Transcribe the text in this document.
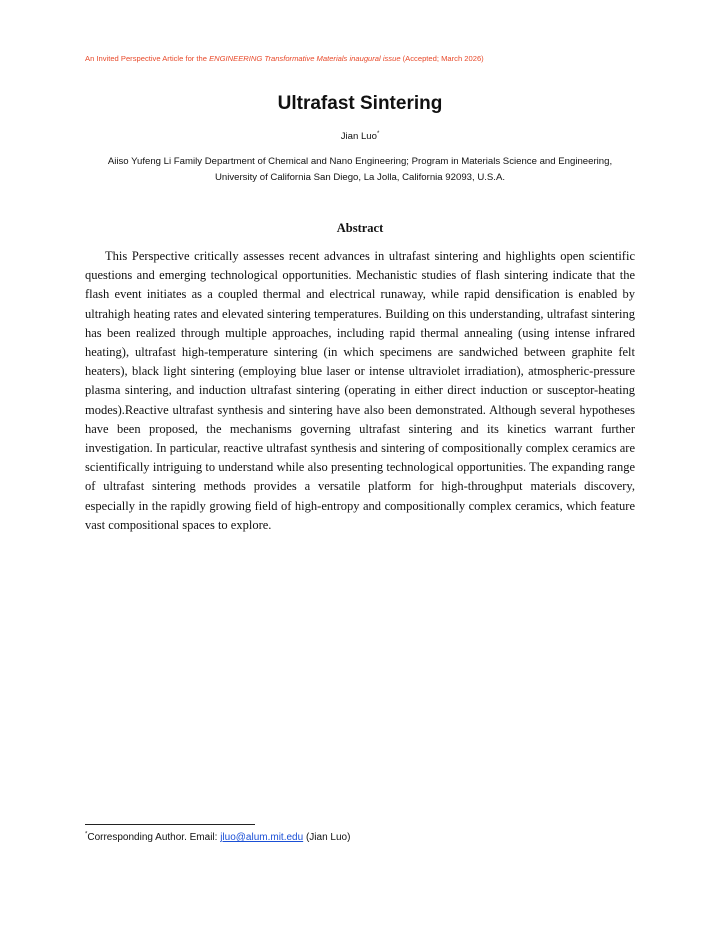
An Invited Perspective Article for the ENGINEERING Transformative Materials inaugural issue (Accepted; March 2026)
Ultrafast Sintering
Jian Luo*
Aiiso Yufeng Li Family Department of Chemical and Nano Engineering; Program in Materials Science and Engineering, University of California San Diego, La Jolla, California 92093, U.S.A.
Abstract

This Perspective critically assesses recent advances in ultrafast sintering and highlights open scientific questions and emerging technological opportunities. Mechanistic studies of flash sintering indicate that the flash event initiates as a coupled thermal and electrical runaway, while rapid densification is enabled by ultrahigh heating rates and elevated sintering temperatures. Building on this understanding, ultrafast sintering has been realized through multiple approaches, including rapid thermal annealing (using intense infrared heating), ultrafast high-temperature sintering (in which specimens are sandwiched between graphite felt heaters), black light sintering (employing blue laser or intense ultraviolet irradiation), atmospheric-pressure plasma sintering, and induction ultrafast sintering (operating in either direct induction or susceptor-heating modes).Reactive ultrafast synthesis and sintering have also been demonstrated. Although several hypotheses have been proposed, the mechanisms governing ultrafast sintering and its kinetics warrant further investigation. In particular, reactive ultrafast synthesis and sintering of compositionally complex ceramics are scientifically intriguing to understand while also presenting technological opportunities. The expanding range of ultrafast sintering methods provides a versatile platform for high-throughput materials discovery, especially in the rapidly growing field of high-entropy and compositionally complex ceramics, which feature vast compositional spaces to explore.

*Corresponding Author. Email: jluo@alum.mit.edu (Jian Luo)
